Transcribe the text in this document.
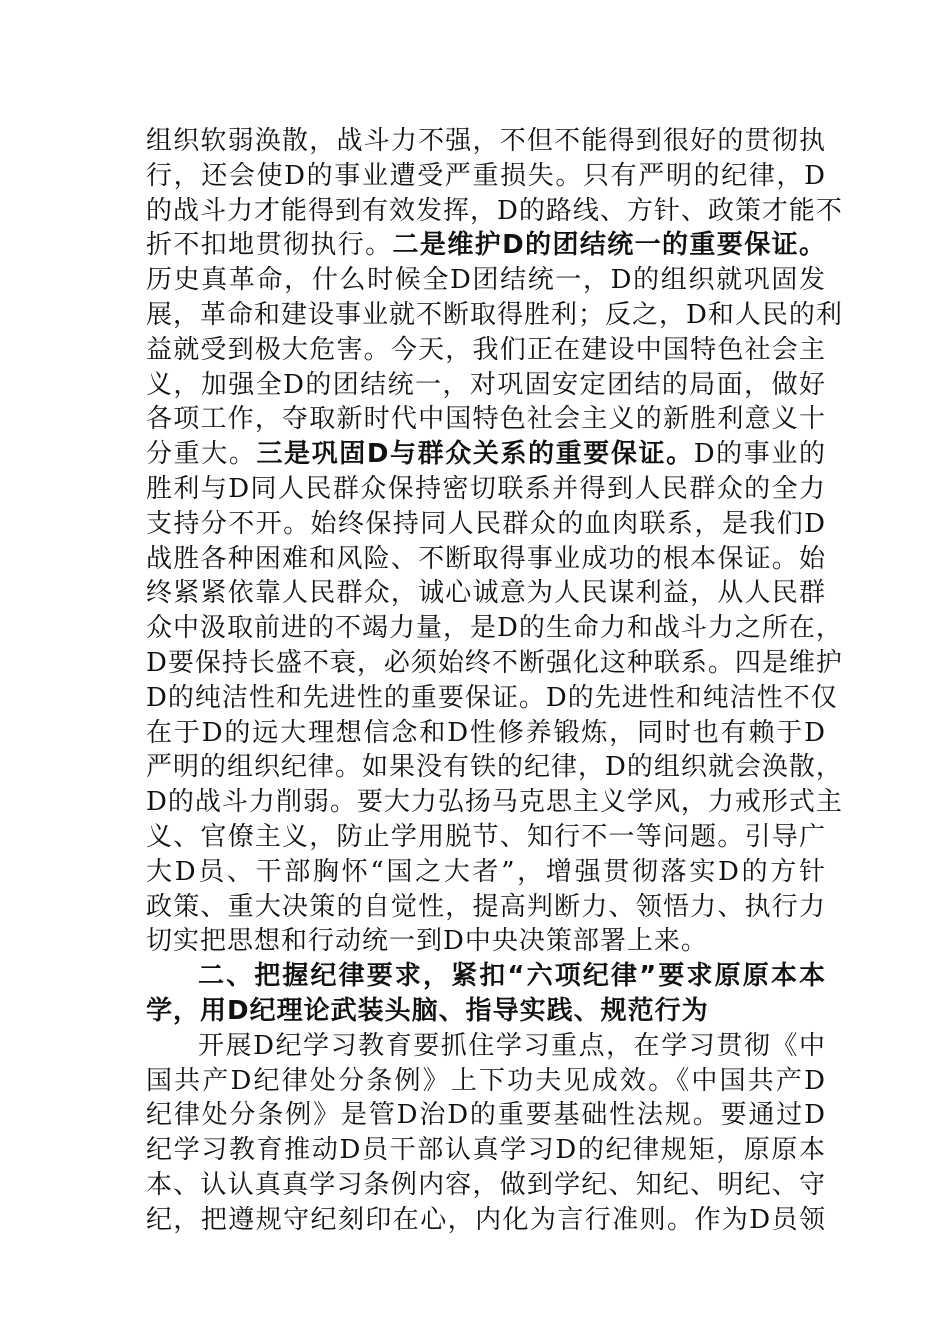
组织软弱涣散，战斗力不强，不但不能得到很好的贯彻执
行，还会使D的事业遭受严重损失。只有严明的纪律，D
的战斗力才能得到有效发挥，D的路线、方针、政策才能不
折不扣地贯彻执行。二是维护D的团结统一的重要保证。
历史真革命，什么时候全D团结统一，D的组织就巩固发
展，革命和建设事业就不断取得胜利；反之，D和人民的利
益就受到极大危害。今天，我们正在建设中国特色社会主
义，加强全D的团结统一，对巩固安定团结的局面，做好
各项工作，夺取新时代中国特色社会主义的新胜利意义十
分重大。三是巩固D与群众关系的重要保证。D的事业的
胜利与D同人民群众保持密切联系并得到人民群众的全力
支持分不开。始终保持同人民群众的血肉联系，是我们D
战胜各种困难和风险、不断取得事业成功的根本保证。始
终紧紧依靠人民群众，诚心诚意为人民谋利益，从人民群
众中汲取前进的不竭力量，是D的生命力和战斗力之所在，
D要保持长盛不衰，必须始终不断强化这种联系。四是维护
D的纯洁性和先进性的重要保证。D的先进性和纯洁性不仅
在于D的远大理想信念和D性修养锻炼，同时也有赖于D
严明的组织纪律。如果没有铁的纪律，D的组织就会涣散，
D的战斗力削弱。要大力弘扬马克思主义学风，力戒形式主
义、官僚主义，防止学用脱节、知行不一等问题。引导广
大D员、干部胸怀“国之大者”，增强贯彻落实D的方针
政策、重大决策的自觉性，提高判断力、领悟力、执行力
切实把思想和行动统一到D中央决策部署上来。
二、把握纪律要求，紧扣“六项纪律”要求原原本本
学，用D纪理论武装头脑、指导实践、规范行为
开展D纪学习教育要抓住学习重点，在学习贯彻《中
国共产D纪律处分条例》上下功夫见成效。《中国共产D
纪律处分条例》是管D治D的重要基础性法规。要通过D
纪学习教育推动D员干部认真学习D的纪律规矩，原原本
本、认认真真学习条例内容，做到学纪、知纪、明纪、守
纪，把遵规守纪刻印在心，内化为言行准则。作为D员领
